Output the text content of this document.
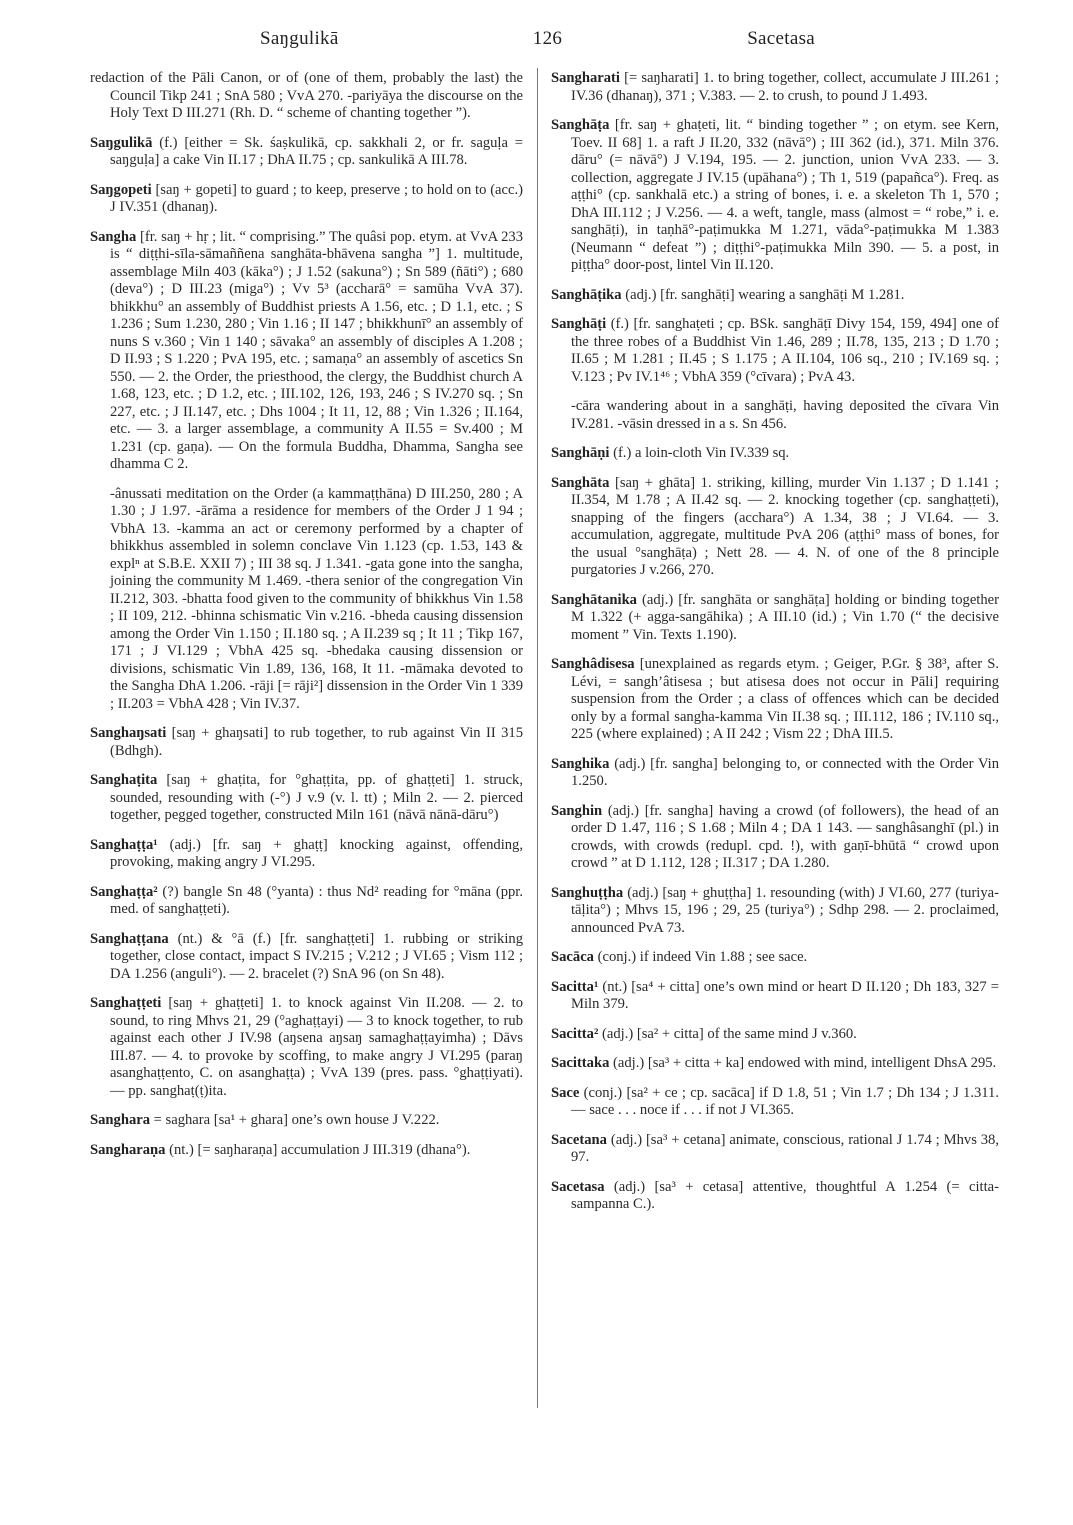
Saŋgulikā	126	Sacetasa
redaction of the Pāli Canon, or of (one of them, probably the last) the Council Tikp 241 ; SnA 580 ; VvA 270. -pariyāya the discourse on the Holy Text D III.271 (Rh. D. “ scheme of chanting together ”).
Saŋgulikā (f.) [either = Sk. śaṣkulikā, cp. sakkhali 2, or fr. saguḷa = saŋguḷa] a cake Vin II.17 ; DhA II.75 ; cp. sankulikā A III.78.
Saŋgopeti [saŋ + gopeti] to guard ; to keep, preserve ; to hold on to (acc.) J IV.351 (dhanaŋ).
Sangha [fr. saŋ + hṛ ; lit. “ comprising.” The quâsi pop. etym. at VvA 233 is “ diṭṭhi-sīla-sāmaññena sanghāta-bhāvena sangha ”] 1. multitude, assemblage Miln 403 (kāka°) ; J 1.52 (sakuna°) ; Sn 589 (ñāti°) ; 680 (deva°) ; D III.23 (miga°) ; Vv 5³ (accharā° = samūha VvA 37). bhikkhu° an assembly of Buddhist priests A 1.56, etc. ; D 1.1, etc. ; S 1.236 ; Sum 1.230, 280 ; Vin 1.16 ; II 147 ; bhikkhunī° an assembly of nuns S v.360 ; Vin 1 140 ; sāvaka° an assembly of disciples A 1.208 ; D II.93 ; S 1.220 ; PvA 195, etc. ; samaṇa° an assembly of ascetics Sn 550. — 2. the Order, the priesthood, the clergy, the Buddhist church A 1.68, 123, etc. ; D 1.2, etc. ; III.102, 126, 193, 246 ; S IV.270 sq. ; Sn 227, etc. ; J II.147, etc. ; Dhs 1004 ; It 11, 12, 88 ; Vin 1.326 ; II.164, etc. — 3. a larger assemblage, a community A II.55 = Sv.400 ; M 1.231 (cp. gaṇa). — On the formula Buddha, Dhamma, Sangha see dhamma C 2.
-ânussati meditation on the Order (a kammaṭṭhāna) D III.250, 280 ; A 1.30 ; J 1.97. -ārāma a residence for members of the Order J 1 94 ; VbhA 13. -kamma an act or ceremony performed by a chapter of bhikkhus assembled in solemn conclave Vin 1.123 (cp. 1.53, 143 & explⁿ at S.B.E. XXII 7) ; III 38 sq. J 1.341. -gata gone into the sangha, joining the community M 1.469. -thera senior of the congregation Vin II.212, 303. -bhatta food given to the community of bhikkhus Vin 1.58 ; II 109, 212. -bhinna schismatic Vin v.216. -bheda causing dissension among the Order Vin 1.150 ; II.180 sq. ; A II.239 sq ; It 11 ; Tikp 167, 171 ; J VI.129 ; VbhA 425 sq. -bhedaka causing dissension or divisions, schismatic Vin 1.89, 136, 168, It 11. -māmaka devoted to the Sangha DhA 1.206. -rāji [= rāji²] dissension in the Order Vin 1 339 ; II.203 = VbhA 428 ; Vin IV.37.
Sanghaŋsati [saŋ + ghaŋsati] to rub together, to rub against Vin II 315 (Bdhgh).
Sanghaṭita [saŋ + ghaṭita, for °ghaṭṭita, pp. of ghaṭṭeti] 1. struck, sounded, resounding with (-°) J v.9 (v. l. tt) ; Miln 2. — 2. pierced together, pegged together, constructed Miln 161 (nāvā nānā-dāru°)
Sanghaṭṭa¹ (adj.) [fr. saŋ + ghaṭṭ] knocking against, offending, provoking, making angry J VI.295.
Sanghaṭṭa² (?) bangle Sn 48 (°yanta) : thus Nd² reading for °māna (ppr. med. of sanghaṭṭeti).
Sanghaṭṭana (nt.) & °ā (f.) [fr. sanghaṭṭeti] 1. rubbing or striking together, close contact, impact S IV.215 ; V.212 ; J VI.65 ; Vism 112 ; DA 1.256 (anguli°). — 2. bracelet (?) SnA 96 (on Sn 48).
Sanghaṭṭeti [saŋ + ghaṭṭeti] 1. to knock against Vin II.208. — 2. to sound, to ring Mhvs 21, 29 (°aghaṭṭayi) — 3 to knock together, to rub against each other J IV.98 (aŋsena aŋsaŋ samaghaṭṭayimha) ; Dāvs III.87. — 4. to provoke by scoffing, to make angry J VI.295 (paraŋ asanghaṭṭento, C. on asanghaṭṭa) ; VvA 139 (pres. pass. °ghaṭṭiyati). — pp. sanghaṭ(ṭ)ita.
Sanghara = saghara [sa¹ + ghara] one’s own house J V.222.
Sangharaṇa (nt.) [= saŋharaṇa] accumulation J III.319 (dhana°).
Sangharati [= saŋharati] 1. to bring together, collect, accumulate J III.261 ; IV.36 (dhanaŋ), 371 ; V.383. — 2. to crush, to pound J 1.493.
Sanghāṭa [fr. saŋ + ghaṭeti, lit. “ binding together ” ; on etym. see Kern, Toev. II 68] 1. a raft J II.20, 332 (nāvā°) ; III 362 (id.), 371. Miln 376. dāru° (= nāvā°) J V.194, 195. — 2. junction, union VvA 233. — 3. collection, aggregate J IV.15 (upāhana°) ; Th 1, 519 (papañca°). Freq. as aṭṭhi° (cp. sankhalā etc.) a string of bones, i. e. a skeleton Th 1, 570 ; DhA III.112 ; J V.256. — 4. a weft, tangle, mass (almost = “ robe,” i. e. sanghāṭi), in taṇhā°-paṭimukka M 1.271, vāda°-paṭimukka M 1.383 (Neumann “ defeat ”) ; diṭṭhi°-paṭimukka Miln 390. — 5. a post, in piṭṭha° door-post, lintel Vin II.120.
Sanghāṭika (adj.) [fr. sanghāṭi] wearing a sanghāṭi M 1.281.
Sanghāṭi (f.) [fr. sanghaṭeti ; cp. BSk. sanghāṭī Divy 154, 159, 494] one of the three robes of a Buddhist Vin 1.46, 289 ; II.78, 135, 213 ; D 1.70 ; II.65 ; M 1.281 ; II.45 ; S 1.175 ; A II.104, 106 sq., 210 ; IV.169 sq. ; V.123 ; Pv IV.1⁴⁶ ; VbhA 359 (°cīvara) ; PvA 43.
-cāra wandering about in a sanghāṭi, having deposited the cīvara Vin IV.281. -vāsin dressed in a s. Sn 456.
Sanghāṇi (f.) a loin-cloth Vin IV.339 sq.
Sanghāta [saŋ + ghāta] 1. striking, killing, murder Vin 1.137 ; D 1.141 ; II.354, M 1.78 ; A II.42 sq. — 2. knocking together (cp. sanghaṭṭeti), snapping of the fingers (acchara°) A 1.34, 38 ; J VI.64. — 3. accumulation, aggregate, multitude PvA 206 (aṭṭhi° mass of bones, for the usual °sanghāṭa) ; Nett 28. — 4. N. of one of the 8 principle purgatories J v.266, 270.
Sanghātanika (adj.) [fr. sanghāta or sanghāṭa] holding or binding together M 1.322 (+ agga-sangāhika) ; A III.10 (id.) ; Vin 1.70 (“ the decisive moment ” Vin. Texts 1.190).
Sanghâdisesa [unexplained as regards etym. ; Geiger, P.Gr. § 38³, after S. Lévi, = sangh’âtisesa ; but atisesa does not occur in Pāli] requiring suspension from the Order ; a class of offences which can be decided only by a formal sangha-kamma Vin II.38 sq. ; III.112, 186 ; IV.110 sq., 225 (where explained) ; A II 242 ; Vism 22 ; DhA III.5.
Sanghika (adj.) [fr. sangha] belonging to, or connected with the Order Vin 1.250.
Sanghin (adj.) [fr. sangha] having a crowd (of followers), the head of an order D 1.47, 116 ; S 1.68 ; Miln 4 ; DA 1 143. — sanghâsanghī (pl.) in crowds, with crowds (redupl. cpd. !), with gaṇī-bhūtā “ crowd upon crowd ” at D 1.112, 128 ; II.317 ; DA 1.280.
Sanghuṭṭha (adj.) [saŋ + ghuṭṭha] 1. resounding (with) J VI.60, 277 (turiya-tāḷita°) ; Mhvs 15, 196 ; 29, 25 (turiya°) ; Sdhp 298. — 2. proclaimed, announced PvA 73.
Sacāca (conj.) if indeed Vin 1.88 ; see sace.
Sacitta¹ (nt.) [sa⁴ + citta] one’s own mind or heart D II.120 ; Dh 183, 327 = Miln 379.
Sacitta² (adj.) [sa² + citta] of the same mind J v.360.
Sacittaka (adj.) [sa³ + citta + ka] endowed with mind, intelligent DhsA 295.
Sace (conj.) [sa² + ce ; cp. sacāca] if D 1.8, 51 ; Vin 1.7 ; Dh 134 ; J 1.311. — sace . . . noce if . . . if not J VI.365.
Sacetana (adj.) [sa³ + cetana] animate, conscious, rational J 1.74 ; Mhvs 38, 97.
Sacetasa (adj.) [sa³ + cetasa] attentive, thoughtful A 1.254 (= citta-sampanna C.).
